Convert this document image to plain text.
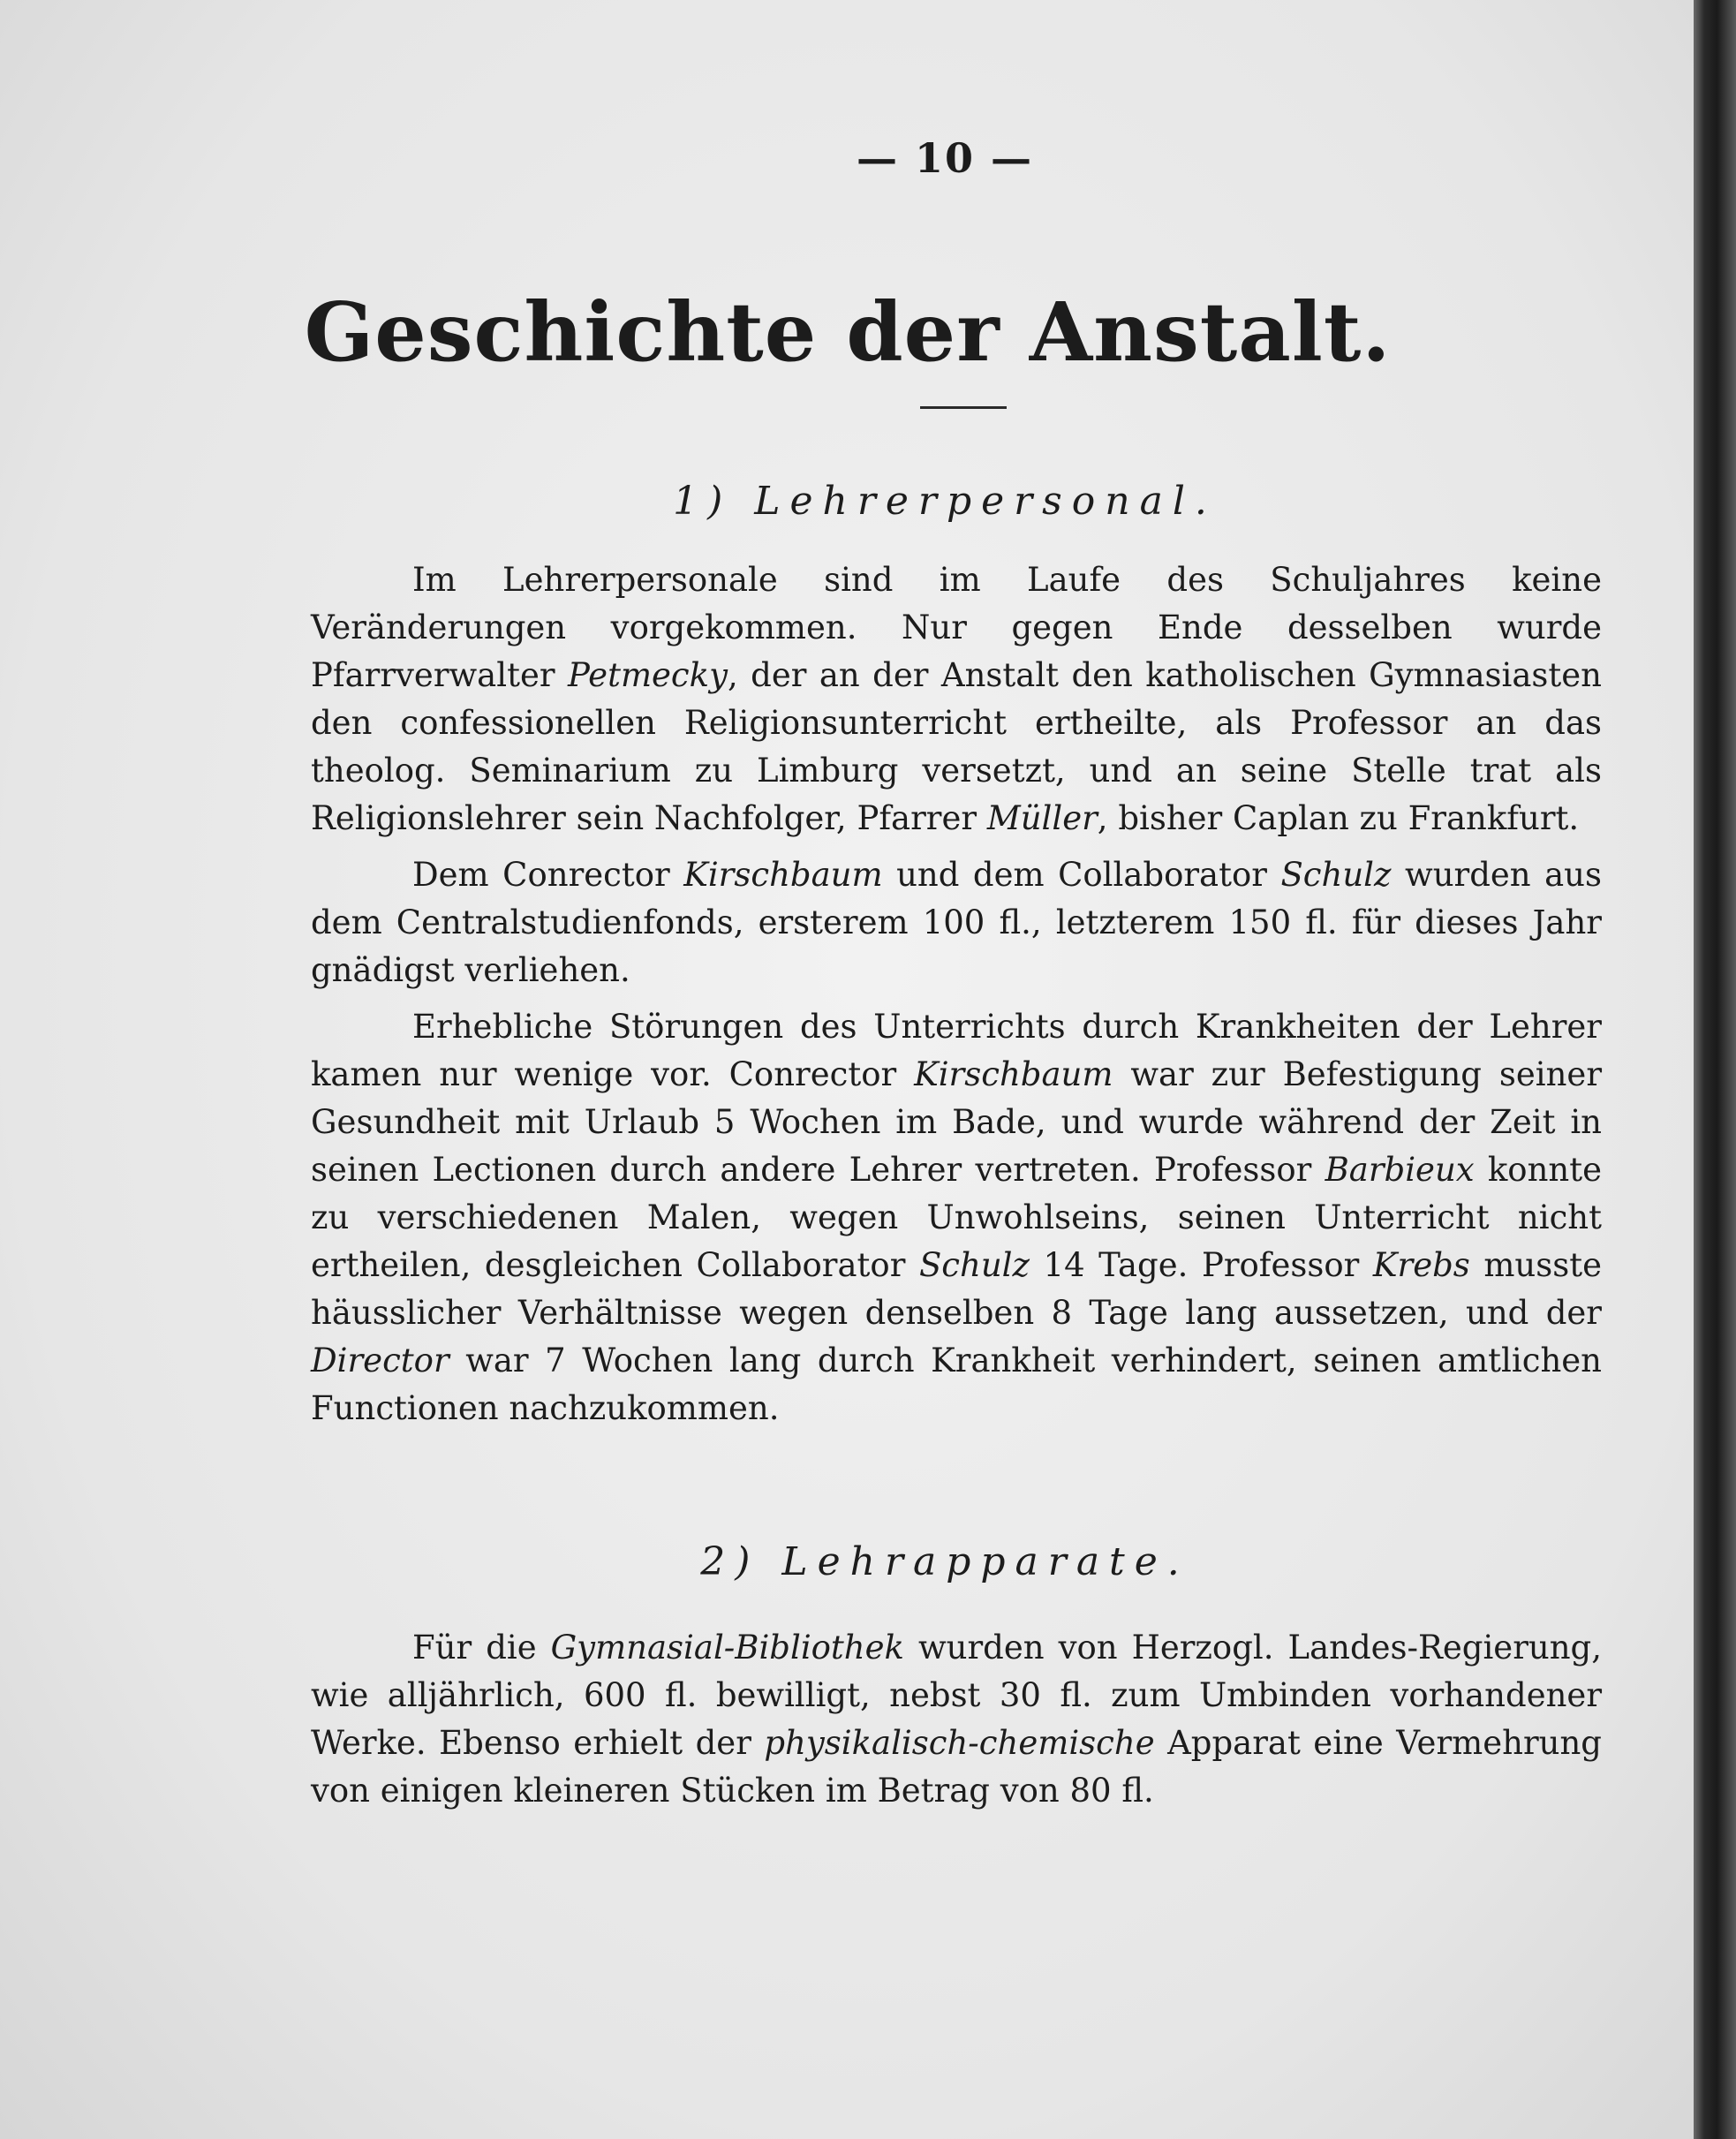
— 10 —
Geschichte der Anstalt.
1) Lehrerpersonal.

Im Lehrerpersonale sind im Laufe des Schuljahres keine Veränderungen vorgekommen. Nur gegen Ende desselben wurde Pfarrverwalter Petmecky, der an der Anstalt den katholischen Gymnasiasten den confessionellen Religionsunterricht ertheilte, als Professor an das theolog. Seminarium zu Limburg versetzt, und an seine Stelle trat als Religionslehrer sein Nachfolger, Pfarrer Müller, bisher Caplan zu Frankfurt.

Dem Conrector Kirschbaum und dem Collaborator Schulz wurden aus dem Centralstudienfonds, ersterem 100 fl., letzterem 150 fl. für dieses Jahr gnädigst verliehen.

Erhebliche Störungen des Unterrichts durch Krankheiten der Lehrer kamen nur wenige vor. Conrector Kirschbaum war zur Befestigung seiner Gesundheit mit Urlaub 5 Wochen im Bade, und wurde während der Zeit in seinen Lectionen durch andere Lehrer vertreten. Professor Barbieux konnte zu verschiedenen Malen, wegen Unwohlseins, seinen Unterricht nicht ertheilen, desgleichen Collaborator Schulz 14 Tage. Professor Krebs musste häusslicher Verhältnisse wegen denselben 8 Tage lang aussetzen, und der Director war 7 Wochen lang durch Krankheit verhindert, seinen amtlichen Functionen nachzukommen.

2) Lehrapparate.

Für die Gymnasial-Bibliothek wurden von Herzogl. Landes-Regierung, wie alljährlich, 600 fl. bewilligt, nebst 30 fl. zum Umbinden vorhandener Werke. Ebenso erhielt der physikalisch-chemische Apparat eine Vermehrung von einigen kleineren Stücken im Betrag von 80 fl.
